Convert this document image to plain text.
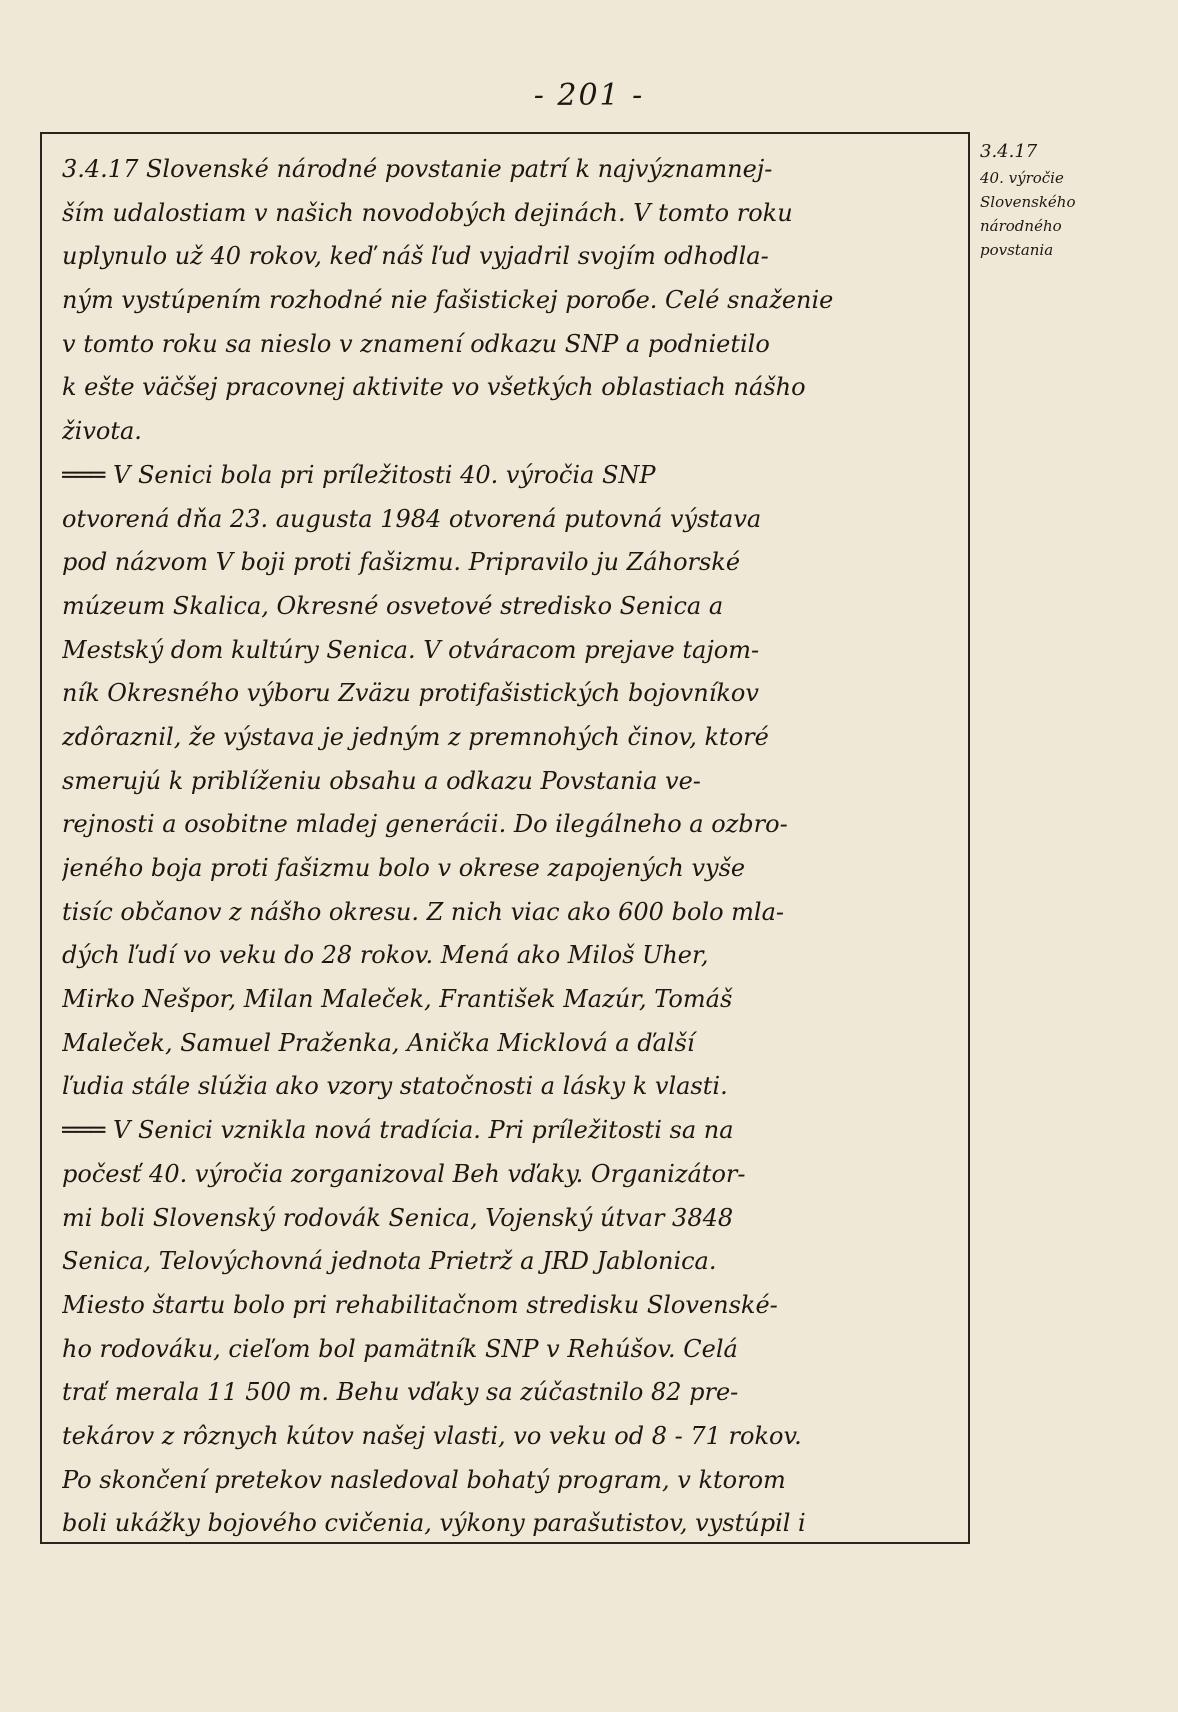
- 201 -
3.4.17
40. výročie
Slovenského
národného
povstania
3.4.17 Slovenské národné povstanie patrí k najvýznamnej-
ším udalostiam v našich novodobých dejinách. V tomto roku
uplynulo už 40 rokov, keď náš ľud vyjadril svojím odhodla-
ným vystúpením rozhodné nie fašistickej poroбe. Celé snaženie
v tomto roku sa nieslo v znamení odkazu SNP a podnietilo
k ešte väčšej pracovnej aktivite vo všetkých oblastiach nášho
života.
═══ V Senici bola pri príležitosti 40. výročia SNP
otvorená dňa 23. augusta 1984 otvorená putovná výstava
pod názvom V boji proti fašizmu. Pripravilo ju Záhorské
múzeum Skalica, Okresné osvetové stredisko Senica a
Mestský dom kultúry Senica. V otváracom prejave tajom-
ník Okresného výboru Zväzu protifašistických bojovníkov
zdôraznil, že výstava je jedným z premnohých činov, ktoré
smerujú k priblíženiu obsahu a odkazu Povstania ve-
rejnosti a osobitne mladej generácii. Do ilegálneho a ozbro-
jeného boja proti fašizmu bolo v okrese zapojených vyše
tisíc občanov z nášho okresu. Z nich viac ako 600 bolo mla-
dých ľudí vo veku do 28 rokov. Mená ako Miloš Uher,
Mirko Nešpor, Milan Maleček, František Mazúr, Tomáš
Maleček, Samuel Praženka, Anička Micklová a ďalší
ľudia stále slúžia ako vzory statočnosti a lásky k vlasti.
═══ V Senici vznikla nová tradícia. Pri príležitosti sa na
počesť 40. výročia zorganizoval Beh vďaky. Organizátor-
mi boli Slovenský rodovák Senica, Vojenský útvar 3848
Senica, Telovýchovná jednota Prietrž a JRD Jablonica.
Miesto štartu bolo pri rehabilitačnom stredisku Slovenské-
ho rodováku, cieľom bol pamätník SNP v Rehúšov. Celá
trať merala 11 500 m. Behu vďaky sa zúčastnilo 82 pre-
tekárov z rôznych kútov našej vlasti, vo veku od 8 - 71 rokov.
Po skončení pretekov nasledoval bohatý program, v ktorom
boli ukážky bojového cvičenia, výkony parašutistov, vystúpil i
